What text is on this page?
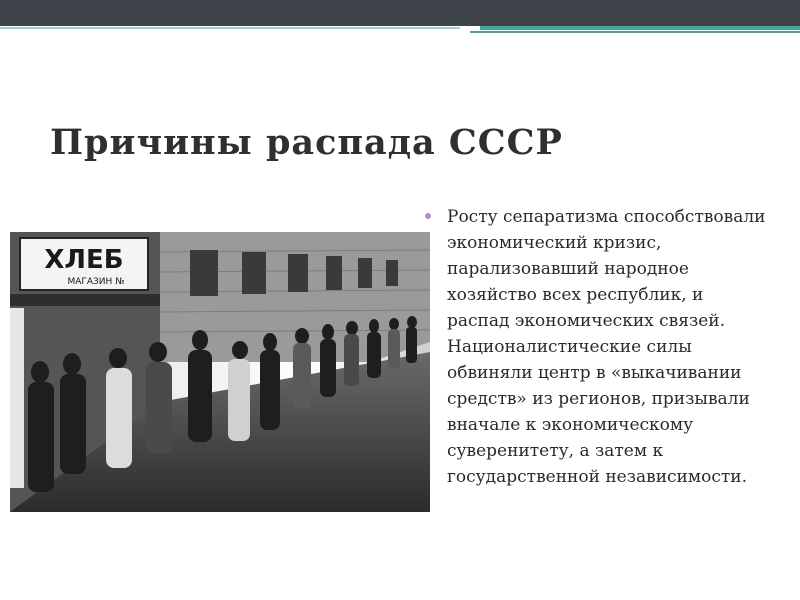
Причины распада СССР
ХЛЕБ
МАГАЗИН №

Росту сепаратизма способствовали экономический кризис, парализовавший народное хозяйство всех республик, и распад экономических связей. Националистические силы обвиняли центр в «выкачивании средств» из регионов, призывали вначале к экономическому суверенитету, а затем к государственной независимости.
